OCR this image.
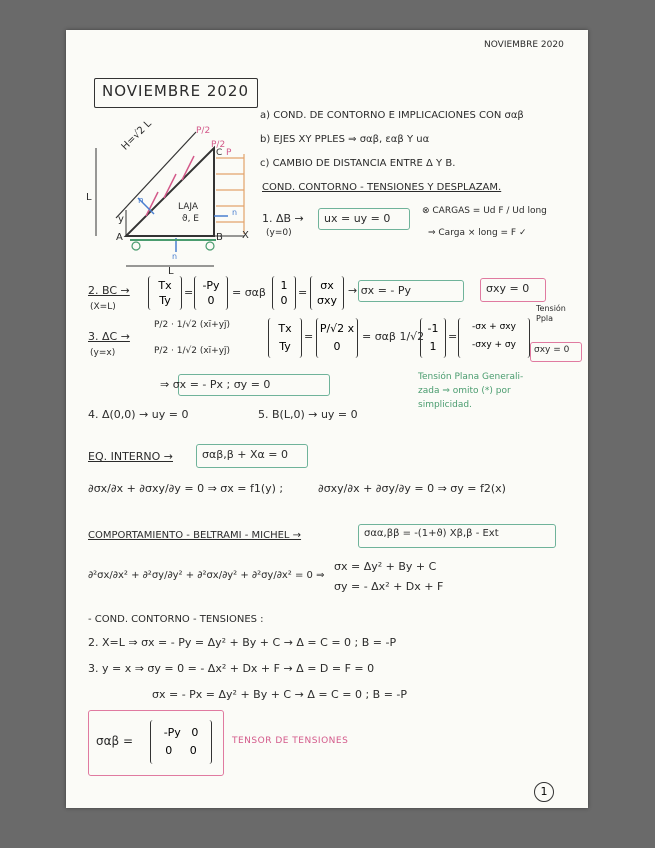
NOVIEMBRE 2020
NOVIEMBRE 2020
a) COND. DE CONTORNO E IMPLICACIONES CON σαβ
b) EJES XY PPLES ⇒ σαβ, εαβ Y uα
c) CAMBIO DE DISTANCIA ENTRE Δ Y B.
H=√2 L	P/2
P/2
C P
L
L
LAJA
ϑ, E
y
X
A	B
n
n
n
COND. CONTORNO - TENSIONES Y DESPLAZAM.
1. ΔB →
(y=0)
ux = uy = 0
⊗ CARGAS = Ud F / Ud long
⇒ Carga × long = F ✓
2. BC →
(X=L)
Tx
Ty
=
-Py
0
= σαβ
1
0
=
σx
σxy
→ σx = - Py	σxy = 0
3. ΔC →
(y=x)
P/2 · 1/√2 (xī+yj̄)
P/2 · 1/√2 (xī+yj̄)
Tx
Ty
=
P/√2 x
0
= σαβ 1/√2
-1
1
=
-σx + σxy
-σxy + σy
Tensión Ppla
σxy = 0
⇒ σx = - Px ; σy = 0
Tensión Plana Generali-
zada ⇒ omito (*) por
simplicidad.
4. Δ(0,0) → uy = 0	5. B(L,0) → uy = 0
EQ. INTERNO →	σαβ,β + Xα = 0
∂σx/∂x + ∂σxy/∂y = 0 ⇒ σx = f1(y) ;	∂σxy/∂x + ∂σy/∂y = 0 ⇒ σy = f2(x)
COMPORTAMIENTO - BELTRAMI - MICHEL →	σαα,ββ = -(1+ϑ) Xβ,β - Ext
∂²σx/∂x² + ∂²σy/∂y² + ∂²σx/∂y² + ∂²σy/∂x² = 0 ⇒
σx = Δy² + By + C
σy = - Δx² + Dx + F
- COND. CONTORNO - TENSIONES :
2. X=L ⇒ σx = - Py = Δy² + By + C → Δ = C = 0 ; B = -P
3. y = x ⇒ σy = 0 = - Δx² + Dx + F → Δ = D = F = 0
σx = - Px = Δy² + By + C → Δ = C = 0 ; B = -P
σαβ =
-Py 0
0 0
TENSOR DE TENSIONES
1
